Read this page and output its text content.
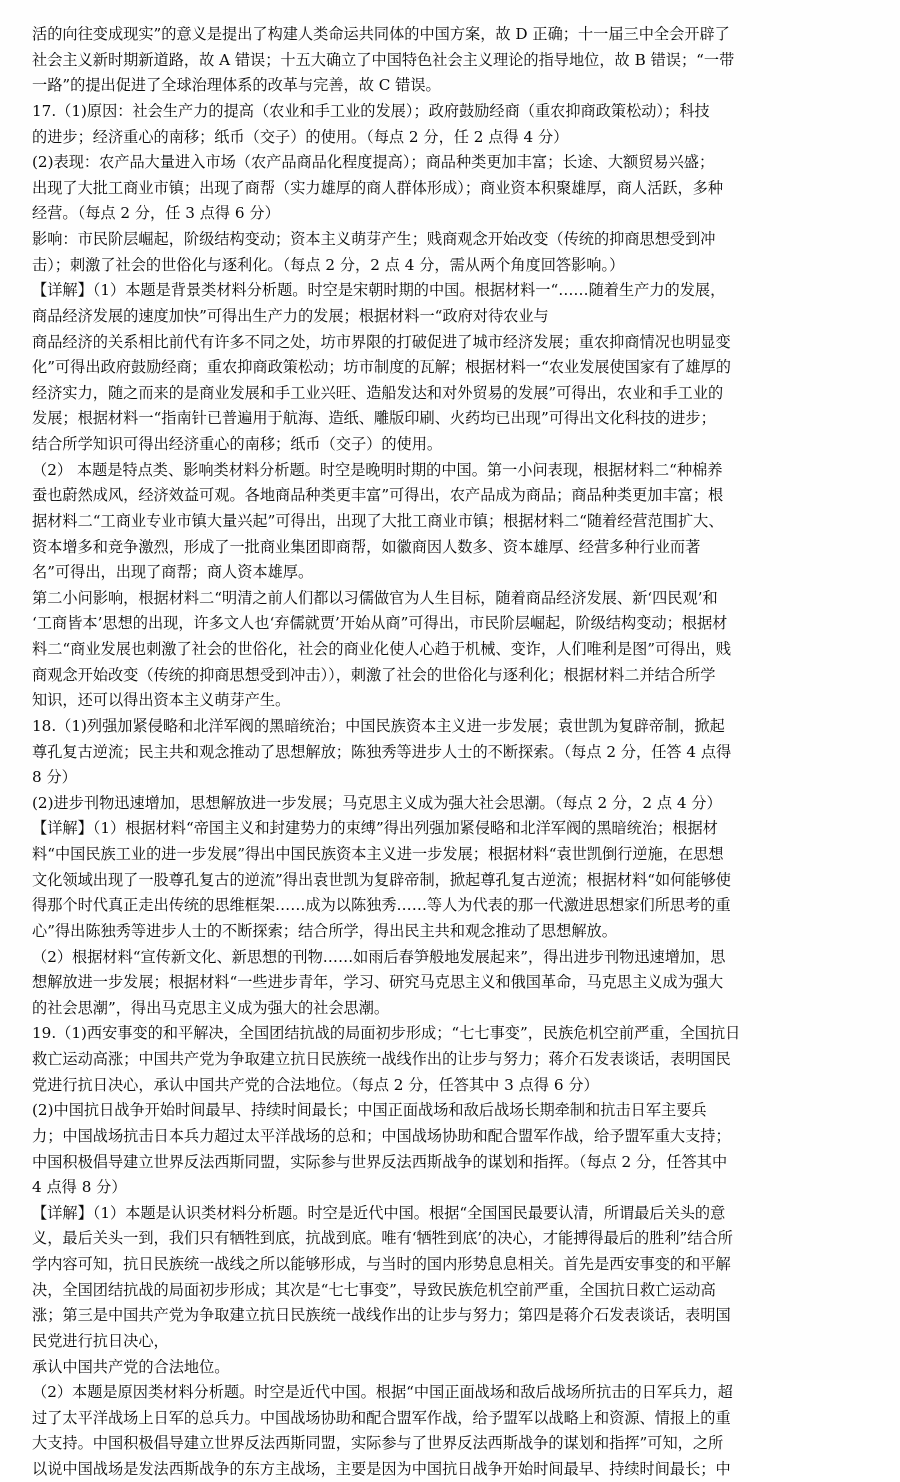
活的向往变成现实”的意义是提出了构建人类命运共同体的中国方案，故 D 正确；十一届三中全会开辟了

社会主义新时期新道路，故 A 错误；十五大确立了中国特色社会主义理论的指导地位，故 B 错误；“一带

一路”的提出促进了全球治理体系的改革与完善，故 C 错误。

17.（1)原因：社会生产力的提高（农业和手工业的发展）；政府鼓励经商（重农抑商政策松动）；科技

的进步；经济重心的南移；纸币（交子）的使用。（每点 2 分，任 2 点得 4 分）

(2)表现：农产品大量进入市场（农产品商品化程度提高）；商品种类更加丰富；长途、大额贸易兴盛；

出现了大批工商业市镇；出现了商帮（实力雄厚的商人群体形成）；商业资本积聚雄厚，商人活跃，多种

经营。（每点 2 分，任 3 点得 6 分）

影响：市民阶层崛起，阶级结构变动；资本主义萌芽产生；贱商观念开始改变（传统的抑商思想受到冲

击）；刺激了社会的世俗化与逐利化。（每点 2 分，2 点 4 分，需从两个角度回答影响。）

【详解】（1）本题是背景类材料分析题。时空是宋朝时期的中国。根据材料一“……随着生产力的发展，

商品经济发展的速度加快”可得出生产力的发展；根据材料一“政府对待农业与

商品经济的关系相比前代有许多不同之处，坊市界限的打破促进了城市经济发展；重农抑商情况也明显变

化”可得出政府鼓励经商；重农抑商政策松动；坊市制度的瓦解；根据材料一“农业发展使国家有了雄厚的

经济实力，随之而来的是商业发展和手工业兴旺、造船发达和对外贸易的发展”可得出，农业和手工业的

发展；根据材料一“指南针已普遍用于航海、造纸、雕版印刷、火药均已出现”可得出文化科技的进步；

结合所学知识可得出经济重心的南移；纸币（交子）的使用。

（2） 本题是特点类、影响类材料分析题。时空是晚明时期的中国。第一小问表现，根据材料二“种棉养

蚕也蔚然成风，经济效益可观。各地商品种类更丰富”可得出，农产品成为商品；商品种类更加丰富；根

据材料二“工商业专业市镇大量兴起”可得出，出现了大批工商业市镇；根据材料二“随着经营范围扩大、

资本增多和竞争激烈，形成了一批商业集团即商帮，如徽商因人数多、资本雄厚、经营多种行业而著

名”可得出，出现了商帮；商人资本雄厚。

第二小问影响，根据材料二“明清之前人们都以习儒做官为人生目标，随着商品经济发展、新‘四民观’和

‘工商皆本’思想的出现，许多文人也‘弃儒就贾’开始从商”可得出，市民阶层崛起，阶级结构变动；根据材

料二“商业发展也刺激了社会的世俗化，社会的商业化使人心趋于机械、变诈，人们唯利是图”可得出，贱

商观念开始改变（传统的抑商思想受到冲击）），刺激了社会的世俗化与逐利化；根据材料二并结合所学

知识，还可以得出资本主义萌芽产生。

18.（1)列强加紧侵略和北洋军阀的黑暗统治；中国民族资本主义进一步发展；袁世凯为复辟帝制，掀起

尊孔复古逆流；民主共和观念推动了思想解放；陈独秀等进步人士的不断探索。（每点 2 分，任答 4 点得

8 分）

(2)进步刊物迅速增加，思想解放进一步发展；马克思主义成为强大社会思潮。（每点 2 分，2 点 4 分）

【详解】（1）根据材料“帝国主义和封建势力的束缚”得出列强加紧侵略和北洋军阀的黑暗统治；根据材

料“中国民族工业的进一步发展”得出中国民族资本主义进一步发展；根据材料“袁世凯倒行逆施，在思想

文化领域出现了一股尊孔复古的逆流”得出袁世凯为复辟帝制，掀起尊孔复古逆流；根据材料“如何能够使

得那个时代真正走出传统的思维框架……成为以陈独秀……等人为代表的那一代激进思想家们所思考的重

心”得出陈独秀等进步人士的不断探索；结合所学，得出民主共和观念推动了思想解放。

（2）根据材料“宣传新文化、新思想的刊物……如雨后春笋般地发展起来”，得出进步刊物迅速增加，思

想解放进一步发展；根据材料“一些进步青年，学习、研究马克思主义和俄国革命，马克思主义成为强大

的社会思潮”，得出马克思主义成为强大的社会思潮。

19.（1)西安事变的和平解决，全国团结抗战的局面初步形成；“七七事变”，民族危机空前严重，全国抗日

救亡运动高涨；中国共产党为争取建立抗日民族统一战线作出的让步与努力；蒋介石发表谈话，表明国民

党进行抗日决心，承认中国共产党的合法地位。（每点 2 分，任答其中 3 点得 6 分）

(2)中国抗日战争开始时间最早、持续时间最长；中国正面战场和敌后战场长期牵制和抗击日军主要兵

力；中国战场抗击日本兵力超过太平洋战场的总和；中国战场协助和配合盟军作战，给予盟军重大支持；

中国积极倡导建立世界反法西斯同盟，实际参与世界反法西斯战争的谋划和指挥。（每点 2 分，任答其中

4 点得 8 分）

【详解】（1）本题是认识类材料分析题。时空是近代中国。根据“全国国民最要认清，所谓最后关头的意

义，最后关头一到，我们只有牺牲到底，抗战到底。唯有‘牺牲到底’的决心，才能搏得最后的胜利”结合所

学内容可知，抗日民族统一战线之所以能够形成，与当时的国内形势息息相关。首先是西安事变的和平解

决，全国团结抗战的局面初步形成；其次是“七七事变”，导致民族危机空前严重，全国抗日救亡运动高

涨；第三是中国共产党为争取建立抗日民族统一战线作出的让步与努力；第四是蒋介石发表谈话，表明国

民党进行抗日决心，

承认中国共产党的合法地位。

（2）本题是原因类材料分析题。时空是近代中国。根据“中国正面战场和敌后战场所抗击的日军兵力，超

过了太平洋战场上日军的总兵力。中国战场协助和配合盟军作战，给予盟军以战略上和资源、情报上的重

大支持。中国积极倡导建立世界反法西斯同盟，实际参与了世界反法西斯战争的谋划和指挥”可知，之所

以说中国战场是发法西斯战争的东方主战场，主要是因为中国抗日战争开始时间最早、持续时间最长；中
